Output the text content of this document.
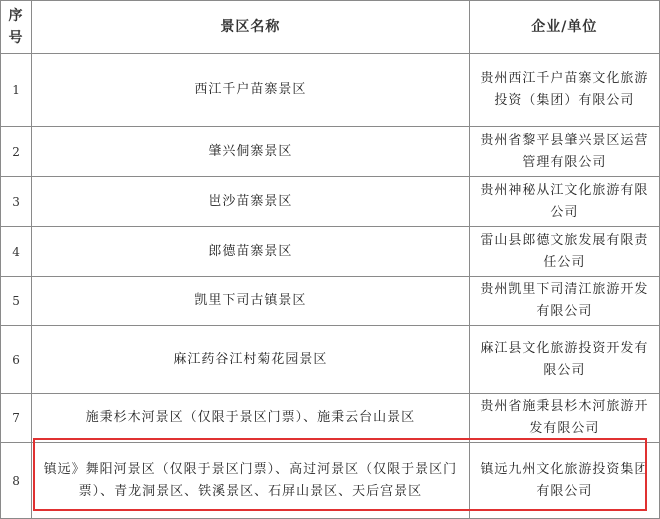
序号	景区名称	企业/单位
1	西江千户苗寨景区	贵州西江千户苗寨文化旅游投资（集团）有限公司
2	肇兴侗寨景区	贵州省黎平县肇兴景区运营管理有限公司
3	岜沙苗寨景区	贵州神秘从江文化旅游有限公司
4	郎德苗寨景区	雷山县郎德文旅发展有限责任公司
5	凯里下司古镇景区	贵州凯里下司清江旅游开发有限公司
6	麻江药谷江村菊花园景区	麻江县文化旅游投资开发有限公司
7	施秉杉木河景区（仅限于景区门票）、施秉云台山景区	贵州省施秉县杉木河旅游开发有限公司
8	镇远》舞阳河景区（仅限于景区门票）、高过河景区（仅限于景区门票）、青龙洞景区、铁溪景区、石屏山景区、天后宫景区	镇远九州文化旅游投资集团有限公司
